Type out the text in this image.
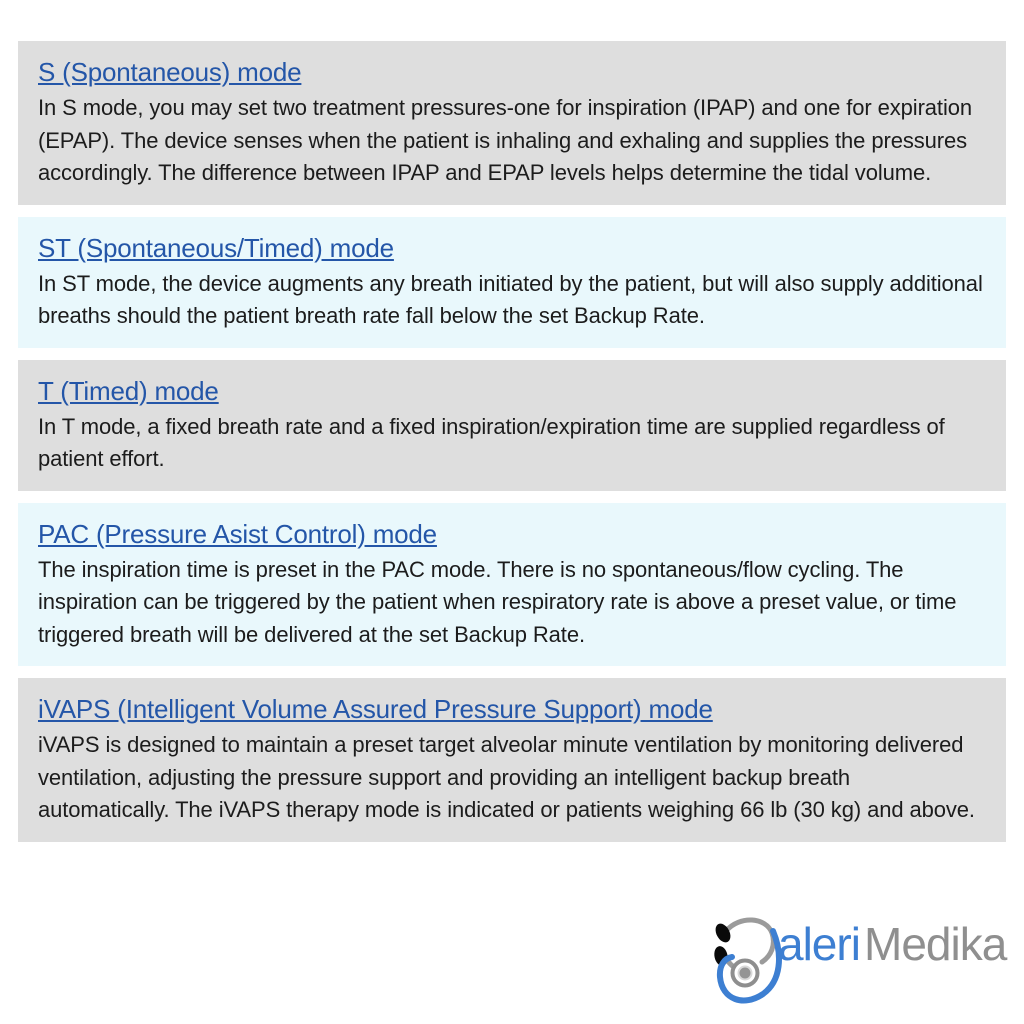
S (Spontaneous) mode
In S mode, you may set two treatment pressures-one for inspiration (IPAP) and one for expiration (EPAP). The device senses when the patient is inhaling and exhaling and supplies the pressures accordingly. The difference between IPAP and EPAP levels helps determine the tidal volume.
ST (Spontaneous/Timed) mode
In ST mode, the device augments any breath initiated by the patient, but will also supply additional breaths should the patient breath rate fall below the set Backup Rate.
T (Timed) mode
In T mode, a fixed breath rate and a fixed inspiration/expiration time are supplied regardless of patient effort.
PAC (Pressure Asist Control) mode
The inspiration time is preset in the PAC mode. There is no spontaneous/flow cycling. The inspiration can be triggered by the patient when respiratory rate is above a preset value, or time triggered breath will be delivered at the set Backup Rate.
iVAPS (Intelligent Volume Assured Pressure Support) mode
iVAPS is designed to maintain a preset target alveolar minute ventilation by monitoring delivered ventilation, adjusting the pressure support and providing an intelligent backup breath automatically. The iVAPS therapy mode is indicated or patients weighing 66 lb (30 kg) and above.
aleri Medika
